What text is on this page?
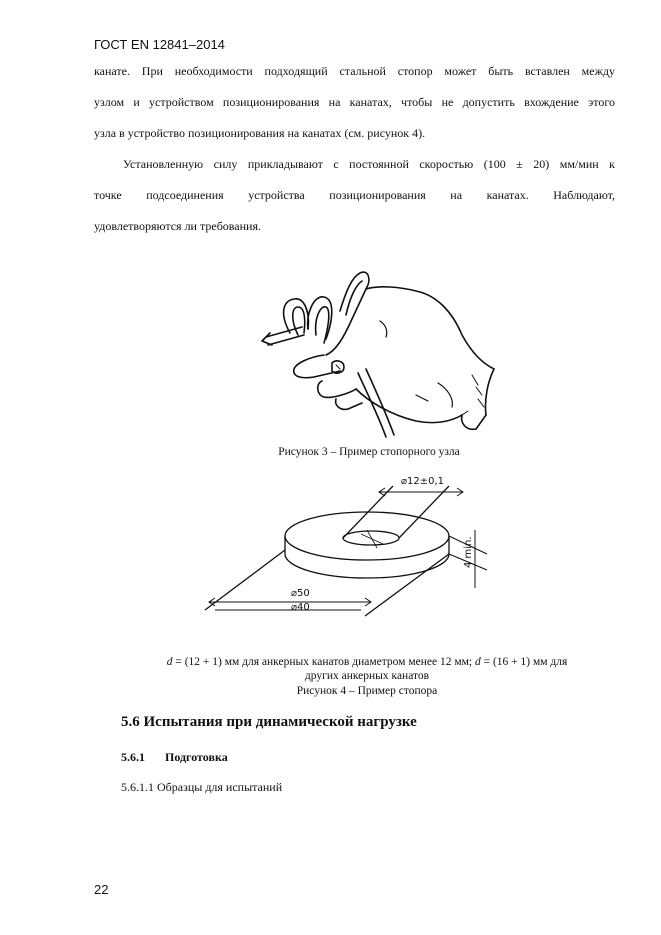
ГОСТ EN 12841–2014
канате. При необходимости подходящий стальной стопор может быть вставлен между
узлом и устройством позиционирования на канатах, чтобы не допустить вхождение этого
узла в устройство позиционирования на канатах (см. рисунок 4).
Установленную силу прикладывают с постоянной скоростью (100 ± 20) мм/мин к
точке подсоединения устройства позиционирования на канатах. Наблюдают,
удовлетворяются ли требования.
Рисунок 3 – Пример стопорного узла
⌀12±0,1
⌀50
⌀40
4 min.
d = (12 + 1) мм для анкерных канатов диаметром менее 12 мм; d = (16 + 1) мм для
других анкерных канатов
Рисунок 4 – Пример стопора
5.6 Испытания при динамической нагрузке
5.6.1 Подготовка
5.6.1.1 Образцы для испытаний
22
